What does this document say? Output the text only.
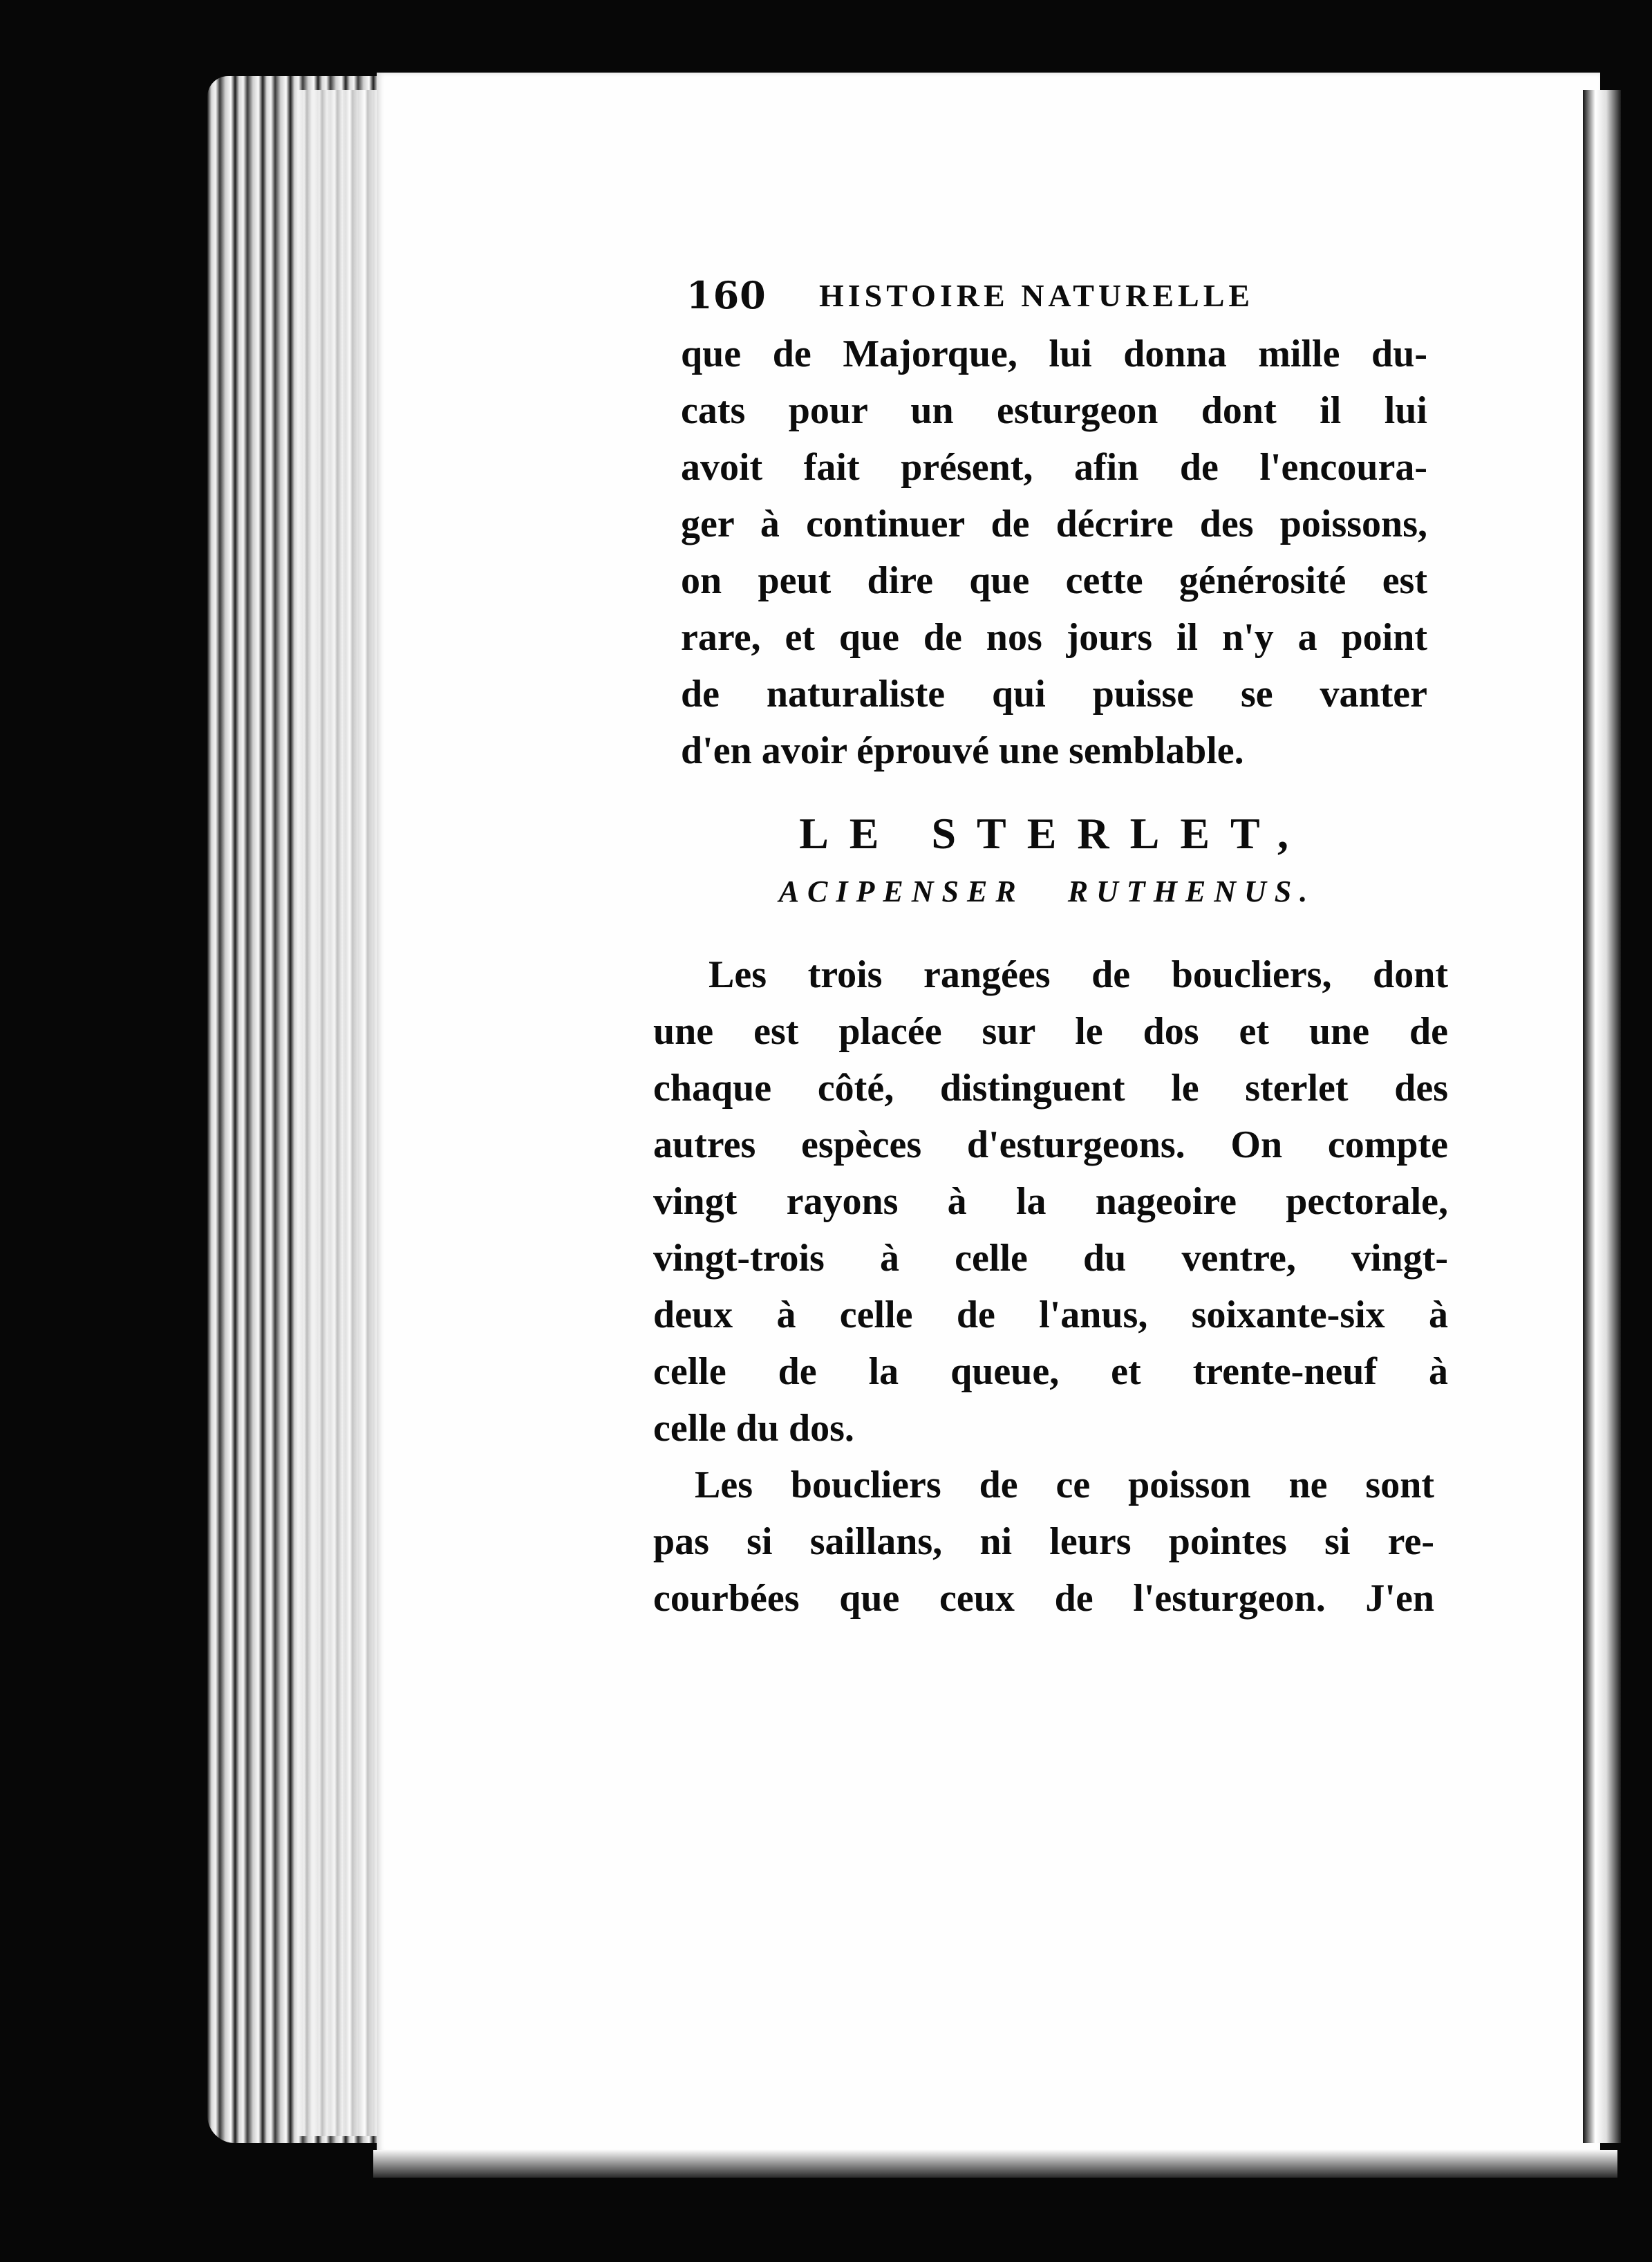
160 HISTOIRE NATURELLE
que de Majorque, lui donna mille du-
cats pour un esturgeon dont il lui
avoit fait présent, afin de l'encoura-
ger à continuer de décrire des poissons,
on peut dire que cette générosité est
rare, et que de nos jours il n'y a point
de naturaliste qui puisse se vanter
d'en avoir éprouvé une semblable.
LE STERLET,
ACIPENSER RUTHENUS.
Les trois rangées de boucliers, dont
une est placée sur le dos et une de
chaque côté, distinguent le sterlet des
autres espèces d'esturgeons. On compte
vingt rayons à la nageoire pectorale,
vingt-trois à celle du ventre, vingt-
deux à celle de l'anus, soixante-six à
celle de la queue, et trente-neuf à
celle du dos.
Les boucliers de ce poisson ne sont
pas si saillans, ni leurs pointes si re-
courbées que ceux de l'esturgeon. J'en
